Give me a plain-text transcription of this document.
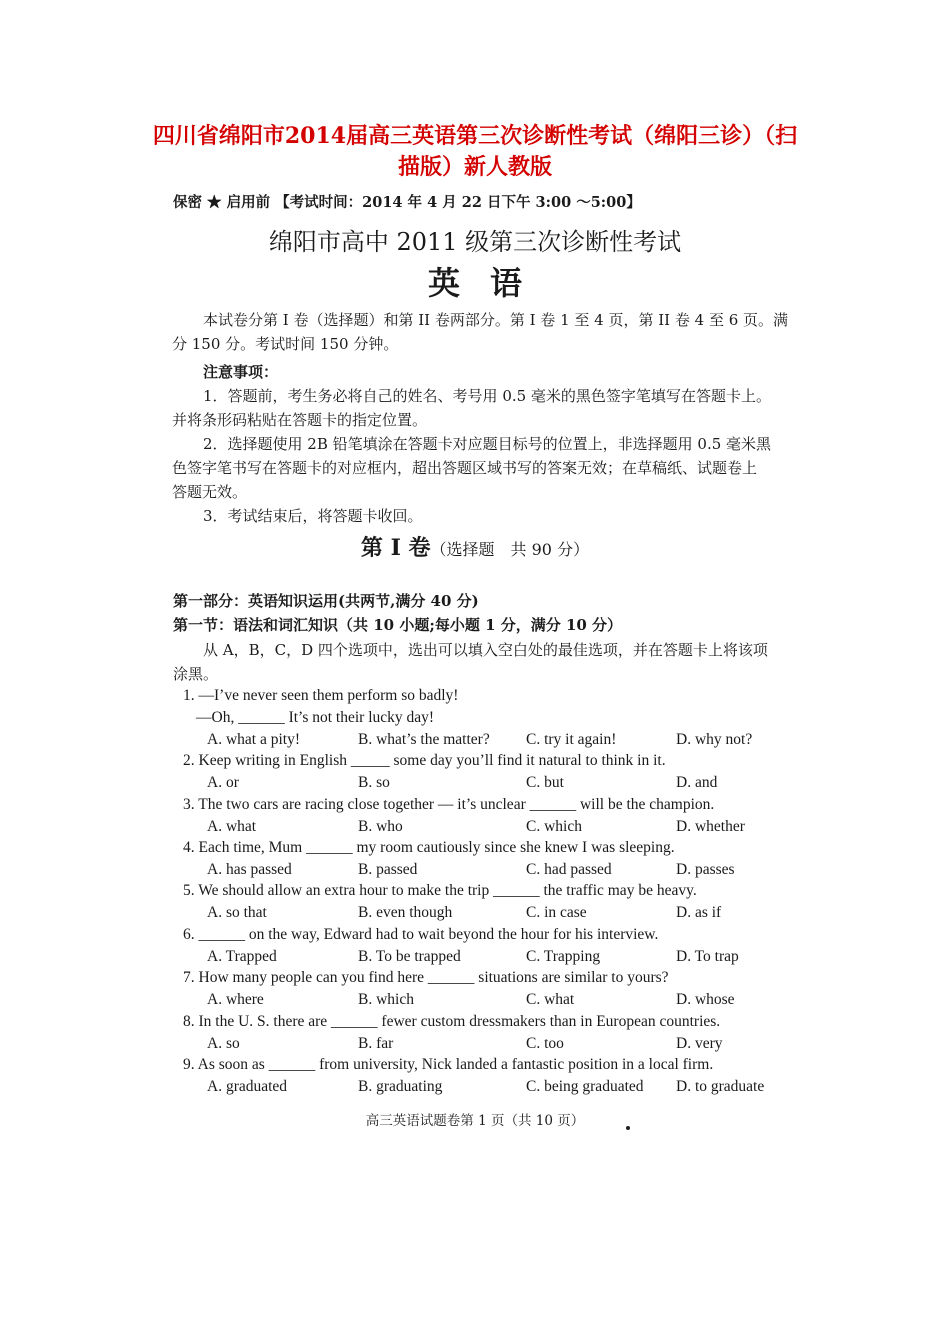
四川省绵阳市2014届高三英语第三次诊断性考试（绵阳三诊）（扫
描版）新人教版
保密 ★ 启用前 【考试时间：2014 年 4 月 22 日下午 3:00 ～5:00】
绵阳市高中 2011 级第三次诊断性考试
英语
本试卷分第 I 卷（选择题）和第 II 卷两部分。第 I 卷 1 至 4 页，第 II 卷 4 至 6 页。满
分 150 分。考试时间 150 分钟。
注意事项：
1．答题前，考生务必将自己的姓名、考号用 0.5 毫米的黑色签字笔填写在答题卡上。
并将条形码粘贴在答题卡的指定位置。
2．选择题使用 2B 铅笔填涂在答题卡对应题目标号的位置上，非选择题用 0.5 毫米黑
色签字笔书写在答题卡的对应框内，超出答题区域书写的答案无效；在草稿纸、试题卷上
答题无效。
3．考试结束后，将答题卡收回。
第 I 卷（选择题　共 90 分）
第一部分：英语知识运用(共两节,满分 40 分)
第一节：语法和词汇知识（共 10 小题;每小题 1 分，满分 10 分）
从 A，B，C，D 四个选项中，选出可以填入空白处的最佳选项，并在答题卡上将该项
涂黑。
1. —I’ve never seen them perform so badly!
—Oh, ______ It’s not their lucky day!
A. what a pity!	B. what’s the matter? C. try it again!	D. why not?
2. Keep writing in English _____ some day you’ll find it natural to think in it.
A. or	B. so	C. but	D. and
3. The two cars are racing close together — it’s unclear ______ will be the champion.
A. what	B. who	C. which	D. whether
4. Each time, Mum ______ my room cautiously since she knew I was sleeping.
A. has passed	B. passed	C. had passed	D. passes
5. We should allow an extra hour to make the trip ______ the traffic may be heavy.
A. so that	B. even though	C. in case	D. as if
6. ______ on the way, Edward had to wait beyond the hour for his interview.
A. Trapped	B. To be trapped	C. Trapping	D. To trap
7. How many people can you find here ______ situations are similar to yours?
A. where	B. which	C. what	D. whose
8. In the U. S. there are ______ fewer custom dressmakers than in European countries.
A. so	B. far	C. too	D. very
9. As soon as ______ from university, Nick landed a fantastic position in a local firm.
A. graduated	B. graduating	C. being graduated D. to graduate
高三英语试题卷第 1 页（共 10 页）
